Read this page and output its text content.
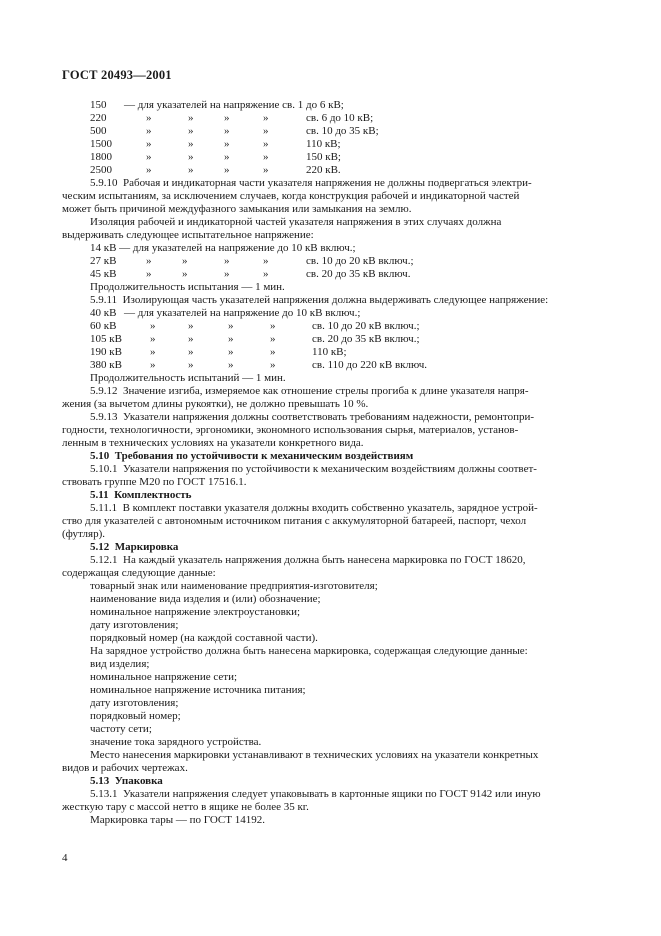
ГОСТ 20493—2001
150 — для указателей на напряжение св. 1 до 6 кВ;
220	»	»	»	»	св. 6 до 10 кВ;
500	»	»	»	»	св. 10 до 35 кВ;
1500	»	»	»	»	110 кВ;
1800	»	»	»	»	150 кВ;
2500	»	»	»	»	220 кВ.
5.9.10  Рабочая и индикаторная части указателя напряжения не должны подвергаться электри-
ческим испытаниям, за исключением случаев, когда конструкция рабочей и индикаторной частей
может быть причиной междуфазного замыкания или замыкания на землю.
Изоляция рабочей и индикаторной частей указателя напряжения в этих случаях должна
выдерживать следующее испытательное напряжение:
14 кВ — для указателей на напряжение до 10 кВ включ.;
27 кВ	»	»	»	»	св. 10 до 20 кВ включ.;
45 кВ	»	»	»	»	св. 20 до 35 кВ включ.
Продолжительность испытания — 1 мин.
5.9.11  Изолирующая часть указателей напряжения должна выдерживать следующее напряжение:
40 кВ — для указателей на напряжение до 10 кВ включ.;
60 кВ	»	»	»	»	св. 10 до 20 кВ включ.;
105 кВ	»	»	»	»	св. 20 до 35 кВ включ.;
190 кВ	»	»	»	»	110 кВ;
380 кВ	»	»	»	»	св. 110 до 220 кВ включ.
Продолжительность испытаний — 1 мин.
5.9.12  Значение изгиба, измеряемое как отношение стрелы прогиба к длине указателя напря-
жения (за вычетом длины рукоятки), не должно превышать 10 %.
5.9.13  Указатели напряжения должны соответствовать требованиям надежности, ремонтопри-
годности, технологичности, эргономики, экономного использования сырья, материалов, установ-
ленным в технических условиях на указатели конкретного вида.
5.10  Требования по устойчивости к механическим воздействиям
5.10.1  Указатели напряжения по устойчивости к механическим воздействиям должны соответ-
ствовать группе М20 по ГОСТ 17516.1.
5.11  Комплектность
5.11.1  В комплект поставки указателя должны входить собственно указатель, зарядное устрой-
ство для указателей с автономным источником питания с аккумуляторной батареей, паспорт, чехол
(футляр).
5.12  Маркировка
5.12.1  На каждый указатель напряжения должна быть нанесена маркировка по ГОСТ 18620,
содержащая следующие данные:
товарный знак или наименование предприятия-изготовителя;
наименование вида изделия и (или) обозначение;
номинальное напряжение электроустановки;
дату изготовления;
порядковый номер (на каждой составной части).
На зарядное устройство должна быть нанесена маркировка, содержащая следующие данные:
вид изделия;
номинальное напряжение сети;
номинальное напряжение источника питания;
дату изготовления;
порядковый номер;
частоту сети;
значение тока зарядного устройства.
Место нанесения маркировки устанавливают в технических условиях на указатели конкретных
видов и рабочих чертежах.
5.13  Упаковка
5.13.1  Указатели напряжения следует упаковывать в картонные ящики по ГОСТ 9142 или иную
жесткую тару с массой нетто в ящике не более 35 кг.
Маркировка тары — по ГОСТ 14192.
4
